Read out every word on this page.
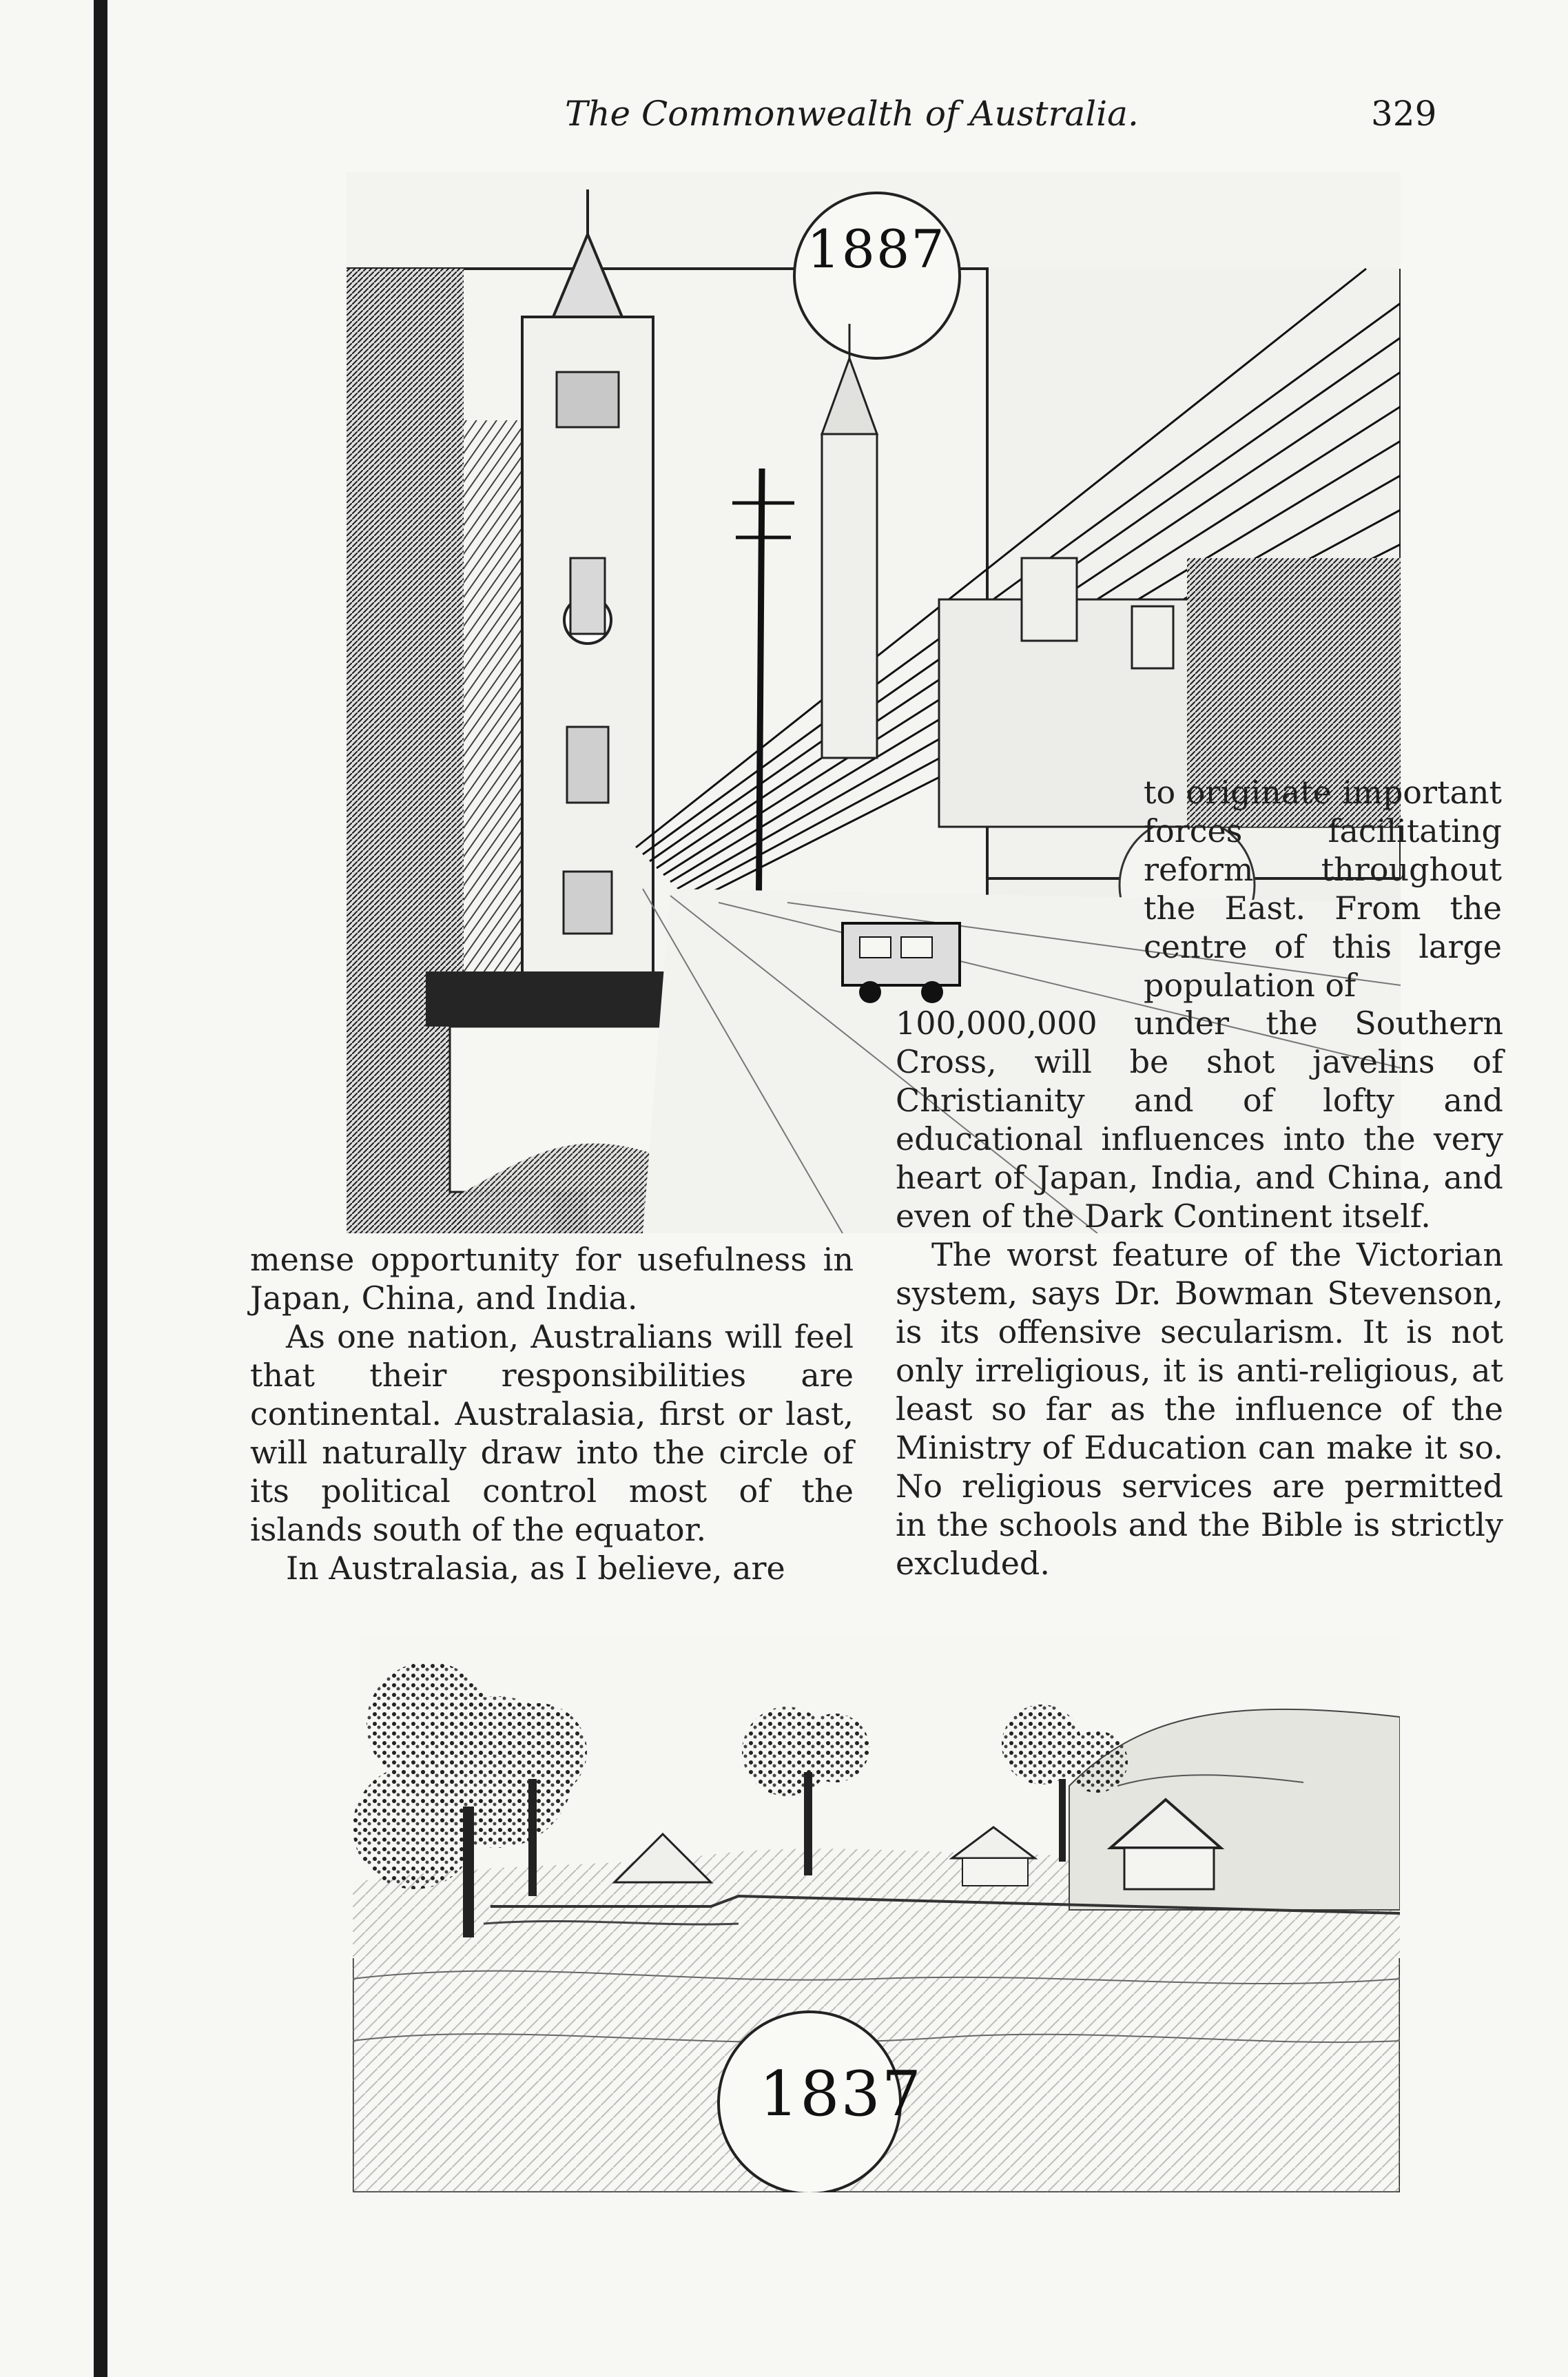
The Commonwealth of Australia.	329
1887

to originate important forces facilitating reform throughout the East. From the centre of this large population of

100,000,000 under the Southern Cross, will be shot javelins of Christianity and of lofty and educational influences into the very heart of Japan, India, and China, and even of the Dark Continent itself.

The worst feature of the Victorian system, says Dr. Bowman Stevenson, is its offensive secularism. It is not only irreligious, it is anti-religious, at least so far as the influence of the Ministry of Education can make it so. No religious services are permitted in the schools and the Bible is strictly excluded.

mense opportunity for usefulness in Japan, China, and India.

As one nation, Australians will feel that their responsibilities are continental. Australasia, first or last, will naturally draw into the circle of its political control most of the islands south of the equator.

In Australasia, as I believe, are

1837
